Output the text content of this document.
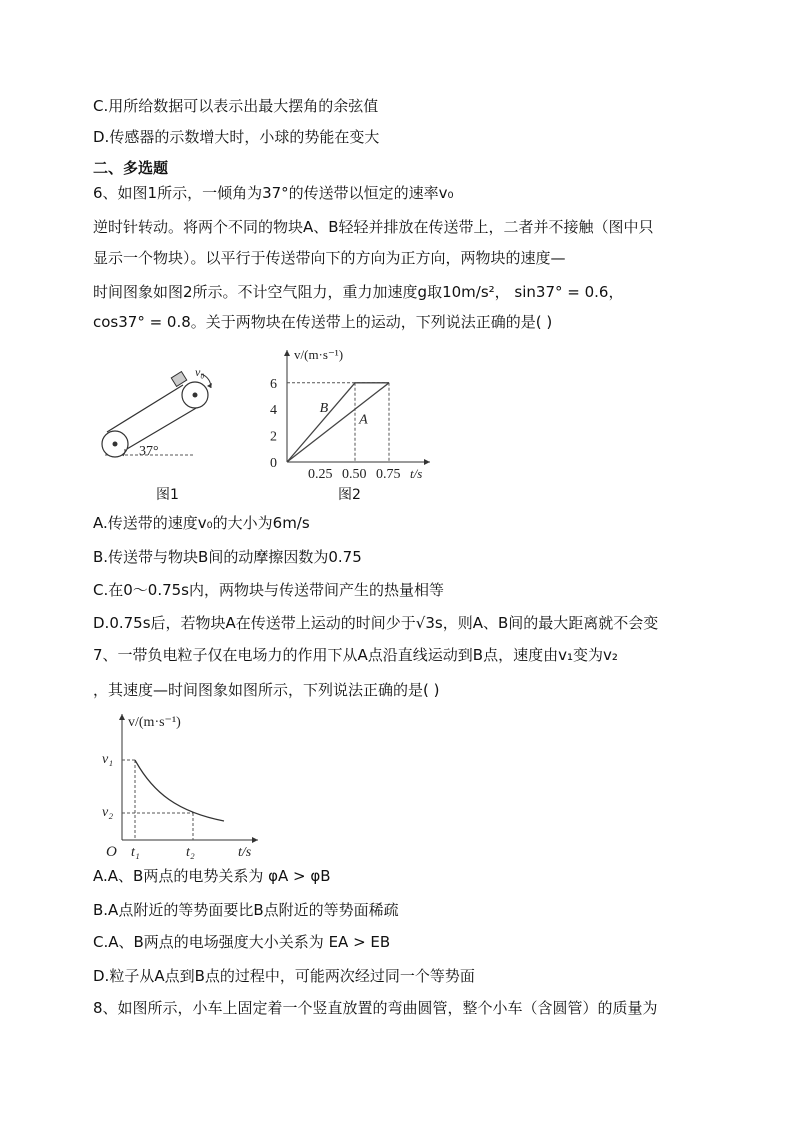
C.用所给数据可以表示出最大摆角的余弦值
D.传感器的示数增大时，小球的势能在变大
二、多选题
6、如图1所示，一倾角为37°的传送带以恒定的速率v₀
逆时针转动。将两个不同的物块A、B轻轻并排放在传送带上，二者并不接触（图中只
显示一个物块）。以平行于传送带向下的方向为正方向，两物块的速度—
时间图象如图2所示。不计空气阻力，重力加速度g取10m/s²， sin37° = 0.6，
cos37° = 0.8。关于两物块在传送带上的运动，下列说法正确的是( )
v₀
37°
图1
v/(m·s⁻¹)
t/s
6
4
2
0
0.25 0.50 0.75
B
A
图2
A.传送带的速度v₀的大小为6m/s
B.传送带与物块B间的动摩擦因数为0.75
C.在0～0.75s内，两物块与传送带间产生的热量相等
D.0.75s后，若物块A在传送带上运动的时间少于√3s，则A、B间的最大距离就不会变
7、一带负电粒子仅在电场力的作用下从A点沿直线运动到B点，速度由v₁变为v₂
，其速度—时间图象如图所示，下列说法正确的是( )
v/(m·s⁻¹)
v₁
v₂
t₁	t₂
O	t/s
A.A、B两点的电势关系为 φA > φB
B.A点附近的等势面要比B点附近的等势面稀疏
C.A、B两点的电场强度大小关系为 EA > EB
D.粒子从A点到B点的过程中，可能两次经过同一个等势面
8、如图所示，小车上固定着一个竖直放置的弯曲圆管，整个小车（含圆管）的质量为
